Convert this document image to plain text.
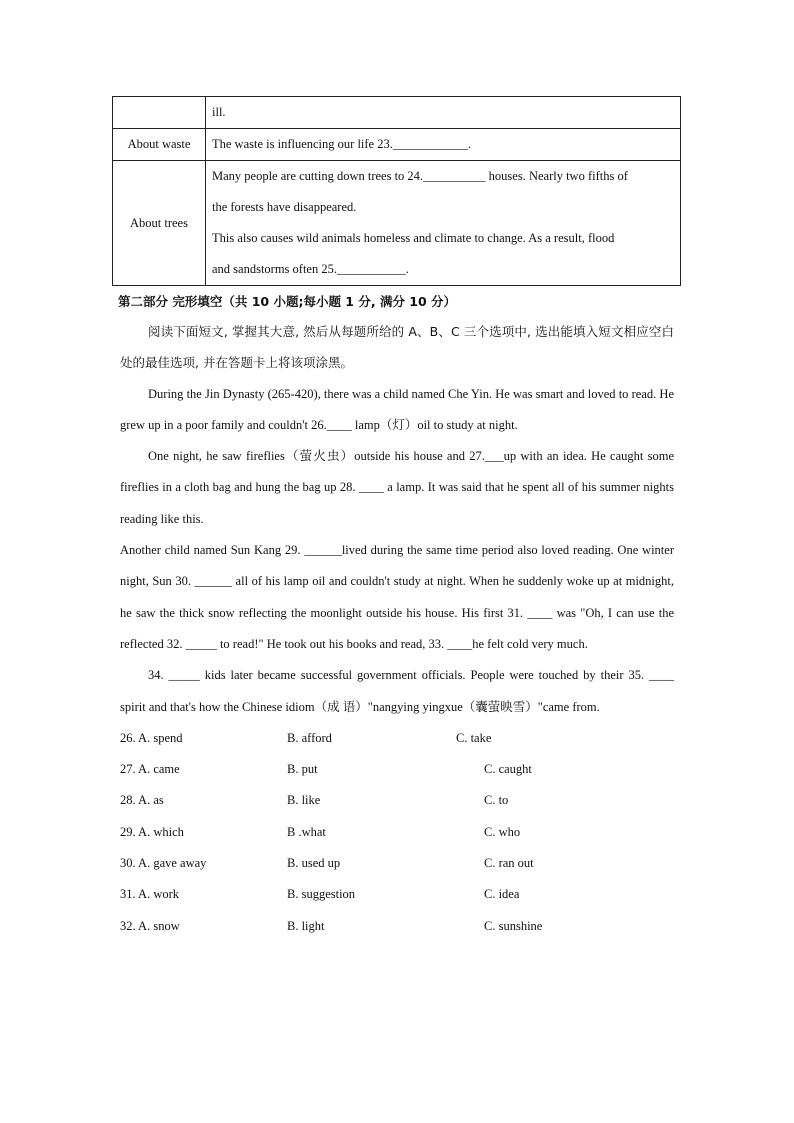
	ill.

About waste	The waste is influencing our life 23.____________.

About trees	Many people are cutting down trees to 24.__________ houses. Nearly two fifths of

the forests have disappeared.

This also causes wild animals homeless and climate to change. As a result, flood

and sandstorms often 25.___________.

第二部分 完形填空（共 10 小题;每小题 1 分, 满分 10 分）

阅读下面短文, 掌握其大意, 然后从每题所给的 A、B、C 三个选项中, 选出能填入短文相应空白处的最佳选项, 并在答题卡上将该项涂黑。

During the Jin Dynasty (265-420), there was a child named Che Yin. He was smart and loved to read. He grew up in a poor family and couldn't 26.____ lamp（灯）oil to study at night.

One night, he saw fireflies（萤火虫）outside his house and 27.___up with an idea. He caught some fireflies in a cloth bag and hung the bag up 28. ____ a lamp. It was said that he spent all of his summer nights reading like this.

Another child named Sun Kang 29. ______lived during the same time period also loved reading. One winter night, Sun 30. ______ all of his lamp oil and couldn't study at night. When he suddenly woke up at midnight, he saw the thick snow reflecting the moonlight outside his house. His first 31. ____ was "Oh, I can use the reflected 32. _____ to read!" He took out his books and read, 33. ____he felt cold very much.

34. _____ kids later became successful government officials. People were touched by their 35. ____ spirit and that's how the Chinese idiom（成 语）"nangying yingxue（囊萤映雪）"came from.

26. A. spend	B. afford	C. take
27. A. came	B. put	C. caught
28. A. as	B. like	C. to
29. A. which	B .what	C. who
30. A. gave away	B. used up	C. ran out
31. A. work	B. suggestion	C. idea
32. A. snow	B. light	C. sunshine
